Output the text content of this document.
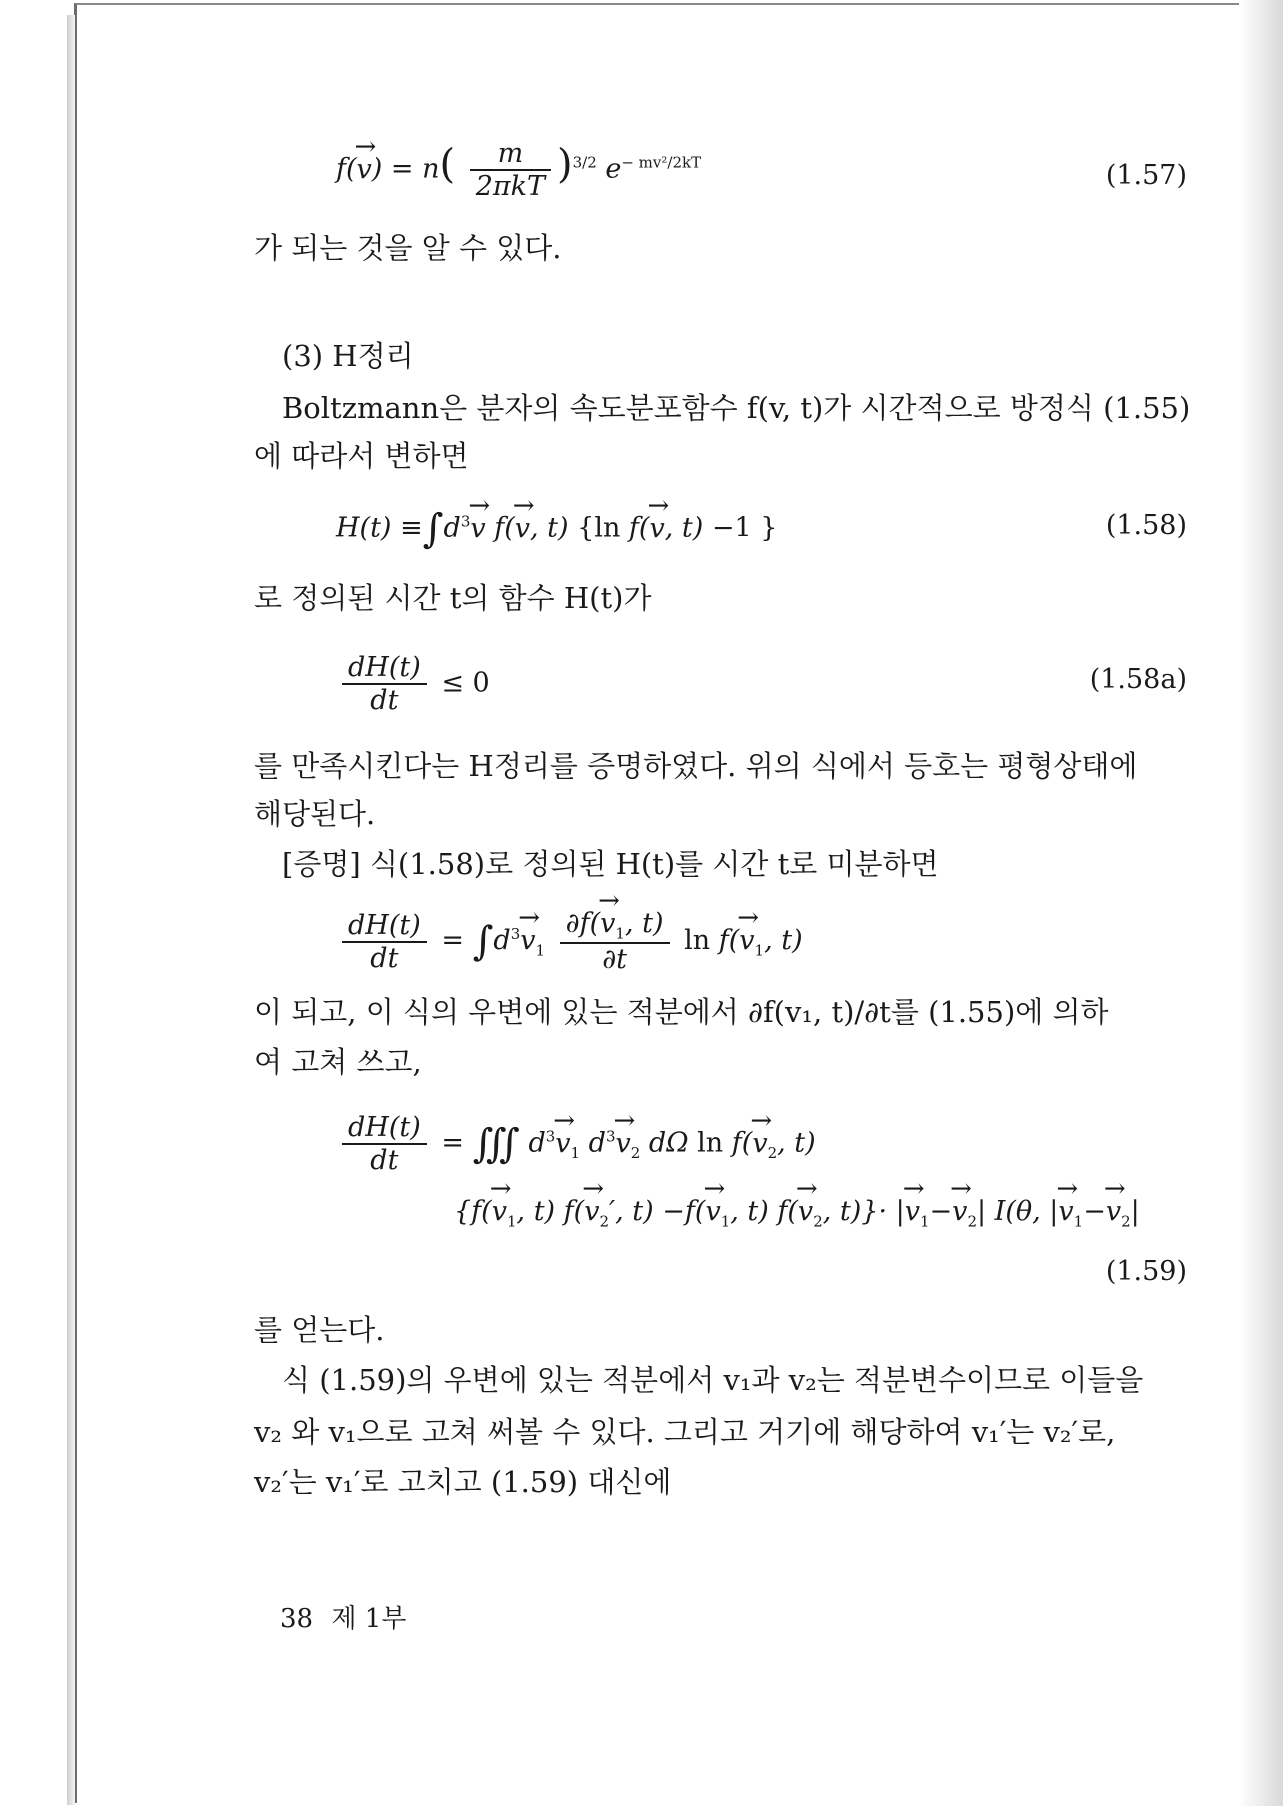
$f(\to v) = n( \frac{m}{\text{2πkT}} )^{3/2}$ $e^{- mv^2/2kT}$	(1.57)
가 되는 것을 알 수 있다.
(3) H정리
Boltzmann은 분자의 속도분포함수 f(v, t)가 시간적으로 방정식 (1.55)
에 따라서 변하면
$H(t) \equiv\int d^3\to v$ f(→ v, t) {ln f(→ v, t) −1 }	(1.58)
로 정의된 시간 t의 함수 H(t)가
$\frac{dH(t)}{dt} \le 0$	(1.58a)
를 만족시킨다는 H정리를 증명하였다. 위의 식에서 등호는 평형상태에
해당된다.
[증명] 식(1.58)로 정의된 H(t)를 시간 t로 미분하면
$\frac{dH(t)}{dt} = \int d^3\to v_1 \frac{\partial f(\to v_1, t)}{\partial t}$ $\ln f(\to v_1$, t)
이 되고, 이 식의 우변에 있는 적분에서 ∂f(v₁, t)/∂t를 (1.55)에 의하
여 고쳐 쓰고,
$\frac{dH(t)}{dt}$ = ∭ $d^3\to v_1$ $d^3\to v_2$ dΩ $\ln f(\to v_2$, t)
{$f(\to v_1$, t) $f(\to v_2'$, $t) -f(\to v_1$, t) $f(\to v_2$, t)}· |→ $v_1-\to v_2|$ I(θ, |→ $v_1-\to v_2|$
(1.59)
를 얻는다.
식 (1.59)의 우변에 있는 적분에서 v₁과 v₂는 적분변수이므로 이들을
v₂ 와 v₁으로 고쳐 써볼 수 있다. 그리고 거기에 해당하여 v₁′는 v₂′로,
v₂′는 v₁′로 고치고 (1.59) 대신에
38 제 1부
